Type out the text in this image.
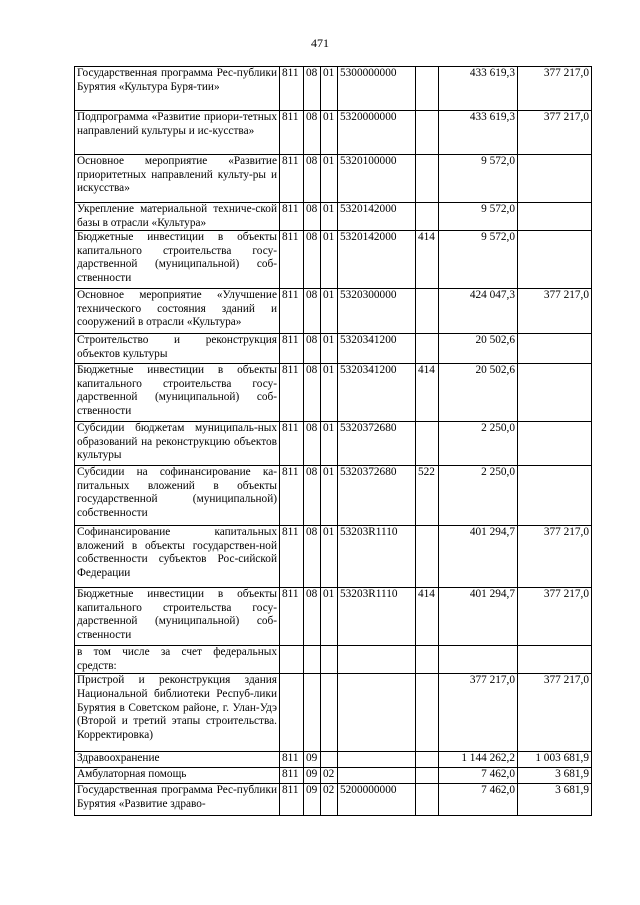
471
Государственная программа Рес-публики Бурятия «Культура Буря-тии»	811	08	01	5300000000		433 619,3	377 217,0
Подпрограмма «Развитие приори-тетных направлений культуры и ис-кусства»	811	08	01	5320000000		433 619,3	377 217,0
Основное мероприятие «Развитие приоритетных направлений культу-ры и искусства»	811	08	01	5320100000		9 572,0	
Укрепление материальной техниче-ской базы в отрасли «Культура»	811	08	01	5320142000		9 572,0	
Бюджетные инвестиции в объекты капитального строительства госу-дарственной (муниципальной) соб-ственности	811	08	01	5320142000	414	9 572,0	
Основное мероприятие «Улучшение технического состояния зданий и сооружений в отрасли «Культура»	811	08	01	5320300000		424 047,3	377 217,0
Строительство и реконструкция объектов культуры	811	08	01	5320341200		20 502,6	
Бюджетные инвестиции в объекты капитального строительства госу-дарственной (муниципальной) соб-ственности	811	08	01	5320341200	414	20 502,6	
Субсидии бюджетам муниципаль-ных образований на реконструкцию объектов культуры	811	08	01	5320372680		2 250,0	
Субсидии на софинансирование ка-питальных вложений в объекты государственной (муниципальной) собственности	811	08	01	5320372680	522	2 250,0	
Софинансирование капитальных вложений в объекты государствен-ной собственности субъектов Рос-сийской Федерации	811	08	01	53203R1110		401 294,7	377 217,0
Бюджетные инвестиции в объекты капитального строительства госу-дарственной (муниципальной) соб-ственности	811	08	01	53203R1110	414	401 294,7	377 217,0
в том числе за счет федеральных средств:							
Пристрой и реконструкция здания Национальной библиотеки Респуб-лики Бурятия в Советском районе, г. Улан-Удэ (Второй и третий этапы строительства. Корректировка)						377 217,0	377 217,0
Здравоохранение	811	09				1 144 262,2	1 003 681,9
Амбулаторная помощь	811	09	02			7 462,0	3 681,9
Государственная программа Рес-публики Бурятия «Развитие здраво-	811	09	02	5200000000		7 462,0	3 681,9
